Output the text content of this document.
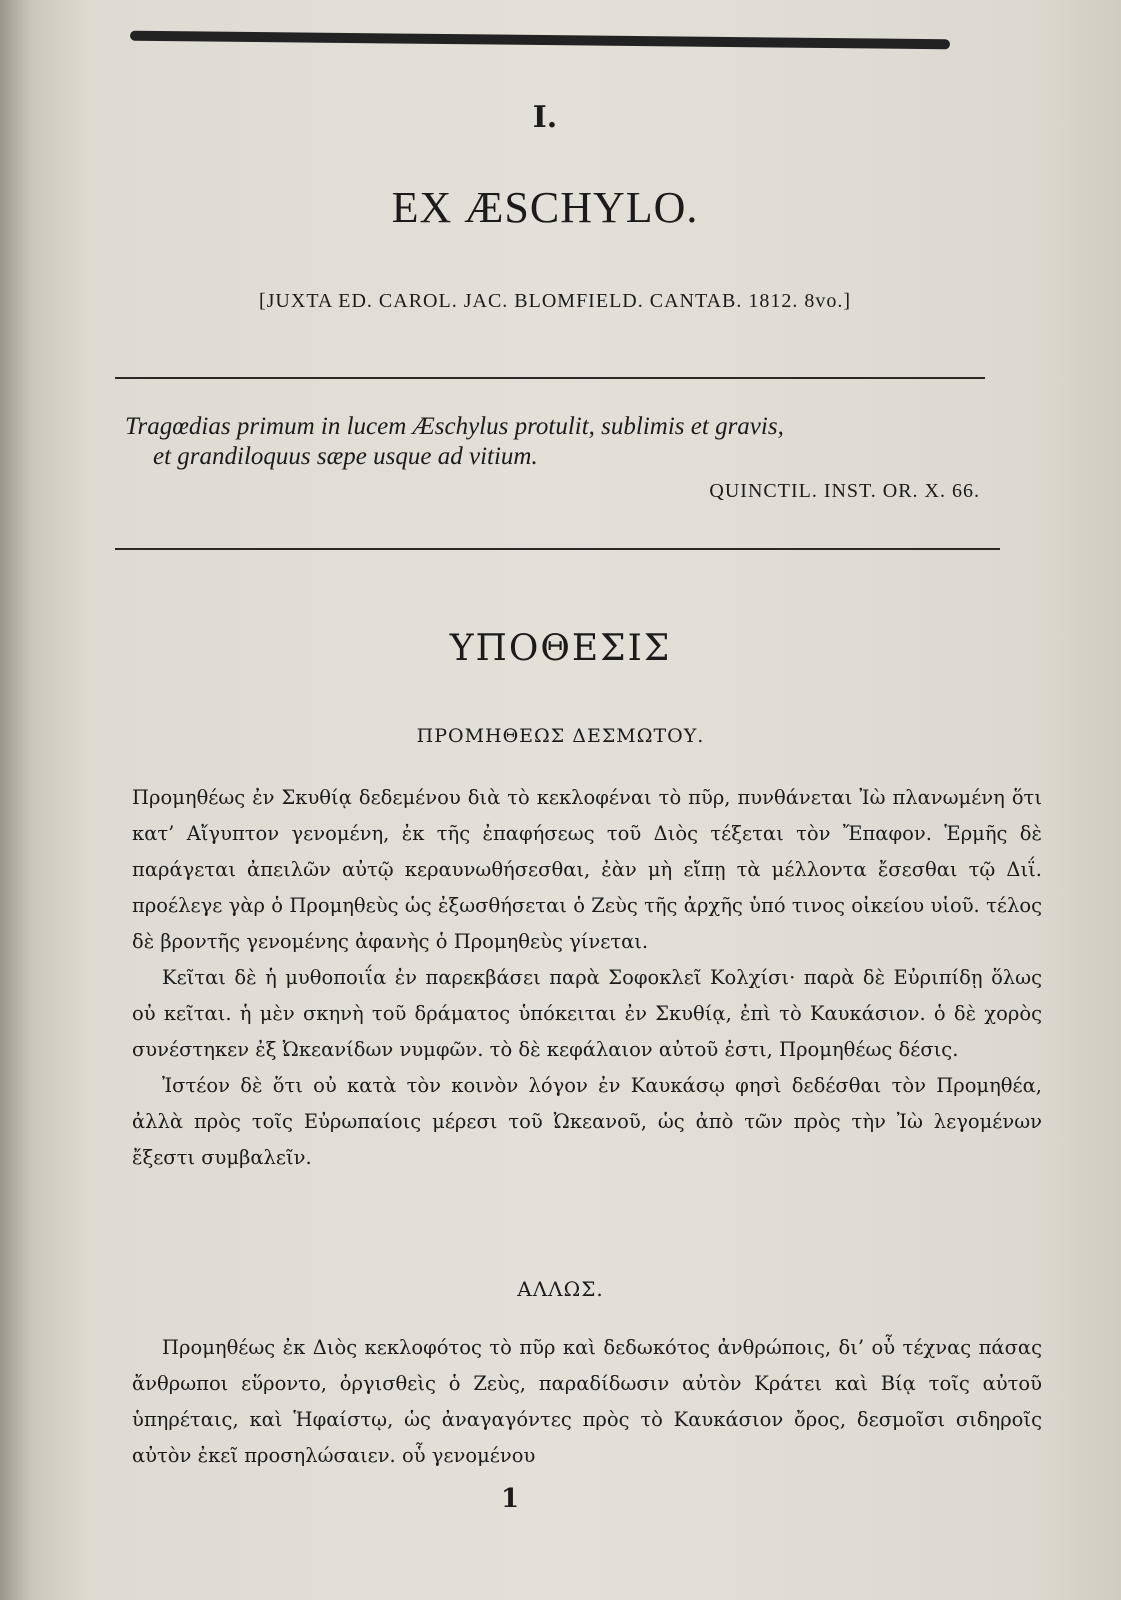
I.
EX ÆSCHYLO.
[JUXTA ED. CAROL. JAC. BLOMFIELD. CANTAB. 1812. 8vo.]

Tragœdias primum in lucem Æschylus protulit, sublimis et gravis,

et grandiloquus sæpe usque ad vitium.

QUINCTIL. INST. OR. X. 66.
ΥΠΟΘΕΣΙΣ
ΠΡΟΜΗΘΕΩΣ ΔΕΣΜΩΤΟΥ.

Προμηθέως ἐν Σκυθίᾳ δεδεμένου διὰ τὸ κεκλοφέναι τὸ πῦρ, πυνθάνεται Ἰὼ πλανωμένη ὅτι κατ’ Αἴγυπτον γενομένη, ἐκ τῆς ἐπαφήσεως τοῦ Διὸς τέξεται τὸν Ἔπαφον. Ἑρμῆς δὲ παράγεται ἀπειλῶν αὐτῷ κεραυνωθήσεσθαι, ἐὰν μὴ εἴπῃ τὰ μέλλοντα ἔσεσθαι τῷ Διΐ. προέλεγε γὰρ ὁ Προμηθεὺς ὡς ἐξωσθήσεται ὁ Ζεὺς τῆς ἀρχῆς ὑπό τινος οἰκείου υἱοῦ. τέλος δὲ βροντῆς γενομένης ἀφανὴς ὁ Προμηθεὺς γίνεται.

Κεῖται δὲ ἡ μυθοποιΐα ἐν παρεκβάσει παρὰ Σοφοκλεῖ Κολχίσι· παρὰ δὲ Εὐριπίδῃ ὅλως οὐ κεῖται. ἡ μὲν σκηνὴ τοῦ δράματος ὑπόκειται ἐν Σκυθίᾳ, ἐπὶ τὸ Καυκάσιον. ὁ δὲ χορὸς συνέστηκεν ἐξ Ὠκεανίδων νυμφῶν. τὸ δὲ κεφάλαιον αὐτοῦ ἐστι, Προμηθέως δέσις.

Ἰστέον δὲ ὅτι οὐ κατὰ τὸν κοινὸν λόγον ἐν Καυκάσῳ φησὶ δεδέσθαι τὸν Προμηθέα, ἀλλὰ πρὸς τοῖς Εὐρωπαίοις μέρεσι τοῦ Ὠκεανοῦ, ὡς ἀπὸ τῶν πρὸς τὴν Ἰὼ λεγομένων ἔξεστι συμβαλεῖν.

ΑΛΛΩΣ.

Προμηθέως ἐκ Διὸς κεκλοφότος τὸ πῦρ καὶ δεδωκότος ἀνθρώποις, δι’ οὗ τέχνας πάσας ἄνθρωποι εὕροντο, ὀργισθεὶς ὁ Ζεὺς, παραδίδωσιν αὐτὸν Κράτει καὶ Βίᾳ τοῖς αὐτοῦ ὑπηρέταις, καὶ Ἡφαίστῳ, ὡς ἀναγαγόντες πρὸς τὸ Καυκάσιον ὄρος, δεσμοῖσι σιδηροῖς αὐτὸν ἐκεῖ προσηλώσαιεν. οὗ γενομένου

1
